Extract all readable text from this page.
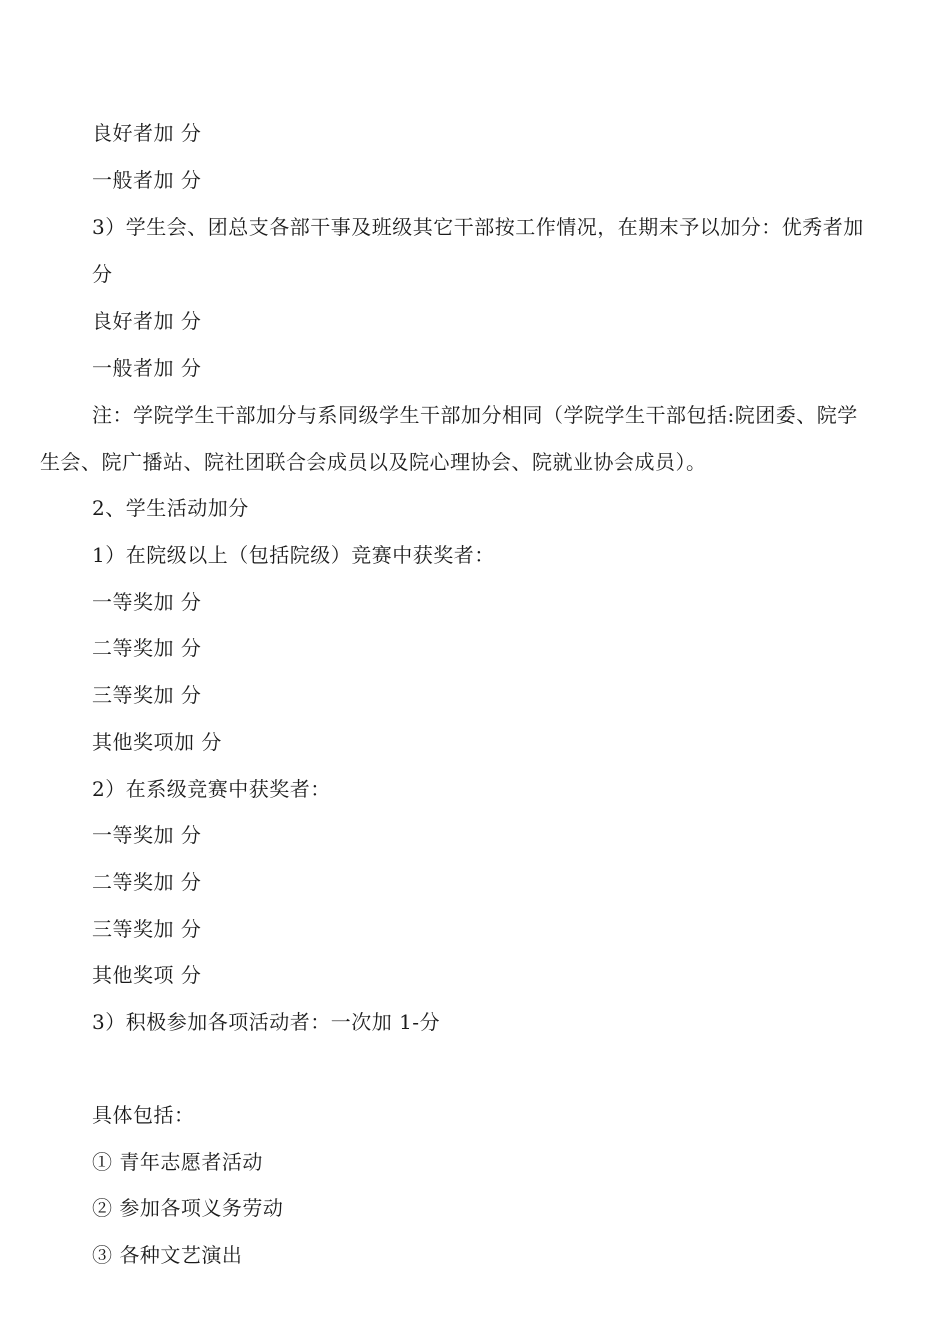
良好者加 分
一般者加 分
3）学生会、团总支各部干事及班级其它干部按工作情况，在期末予以加分：优秀者加
分
良好者加 分
一般者加 分
注：学院学生干部加分与系同级学生干部加分相同（学院学生干部包括:院团委、院学
生会、院广播站、院社团联合会成员以及院心理协会、院就业协会成员）。
2、学生活动加分
1）在院级以上（包括院级）竞赛中获奖者：
一等奖加 分
二等奖加 分
三等奖加 分
其他奖项加 分
2）在系级竞赛中获奖者：
一等奖加 分
二等奖加 分
三等奖加 分
其他奖项 分
3）积极参加各项活动者：一次加 1-分
具体包括：
① 青年志愿者活动
② 参加各项义务劳动
③ 各种文艺演出
